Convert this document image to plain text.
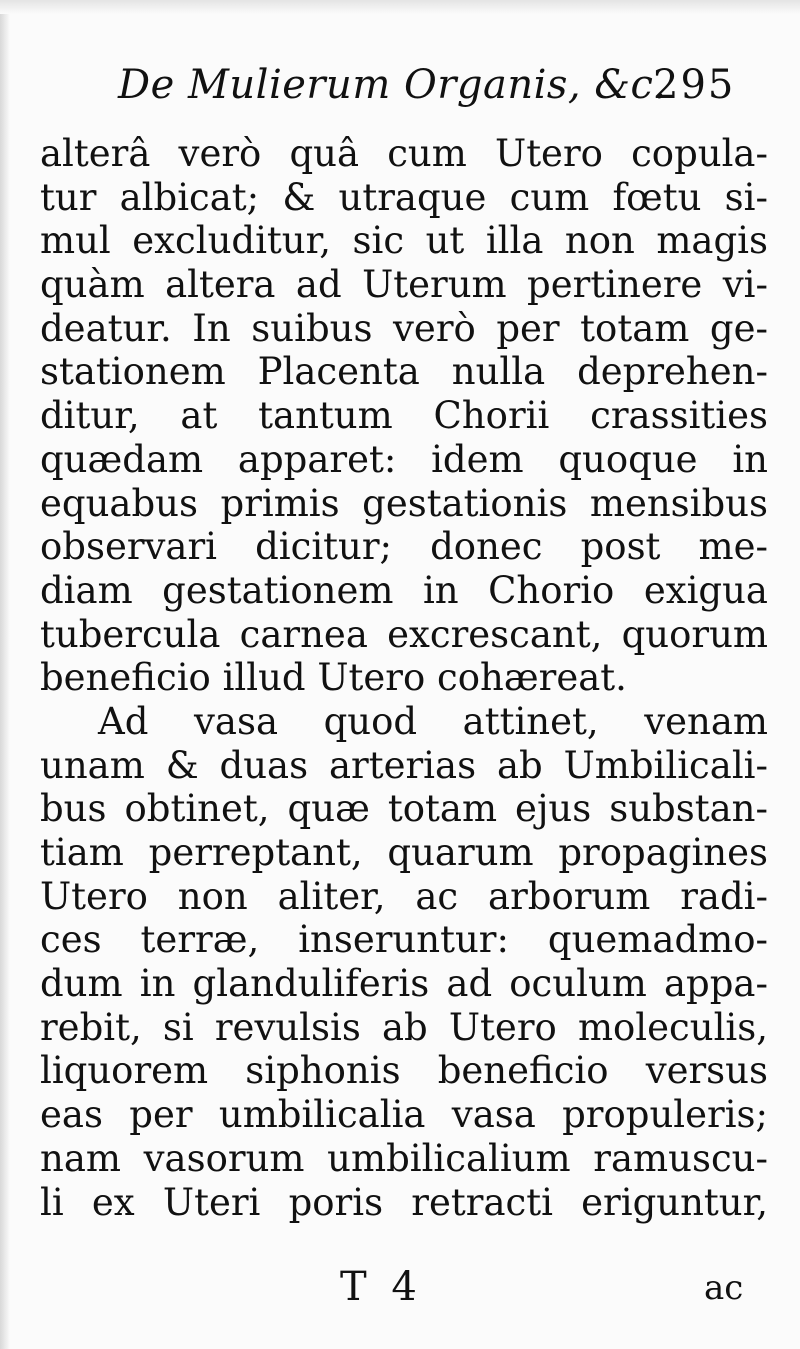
De Mulierum Organis, &c.
295
alterâ verò quâ cum Utero copula-
tur albicat; & utraque cum fœtu si-
mul excluditur, sic ut illa non magis
quàm altera ad Uterum pertinere vi-
deatur. In suibus verò per totam ge-
stationem Placenta nulla deprehen-
ditur, at tantum Chorii crassities
quædam apparet: idem quoque in
equabus primis gestationis mensibus
observari dicitur; donec post me-
diam gestationem in Chorio exigua
tubercula carnea excrescant, quorum
beneficio illud Utero cohæreat.
Ad vasa quod attinet, venam
unam & duas arterias ab Umbilicali-
bus obtinet, quæ totam ejus substan-
tiam perreptant, quarum propagines
Utero non aliter, ac arborum radi-
ces terræ, inseruntur: quemadmo-
dum in glanduliferis ad oculum appa-
rebit, si revulsis ab Utero moleculis,
liquorem siphonis beneficio versus
eas per umbilicalia vasa propuleris;
nam vasorum umbilicalium ramuscu-
li ex Uteri poris retracti eriguntur,
T 4	ac
